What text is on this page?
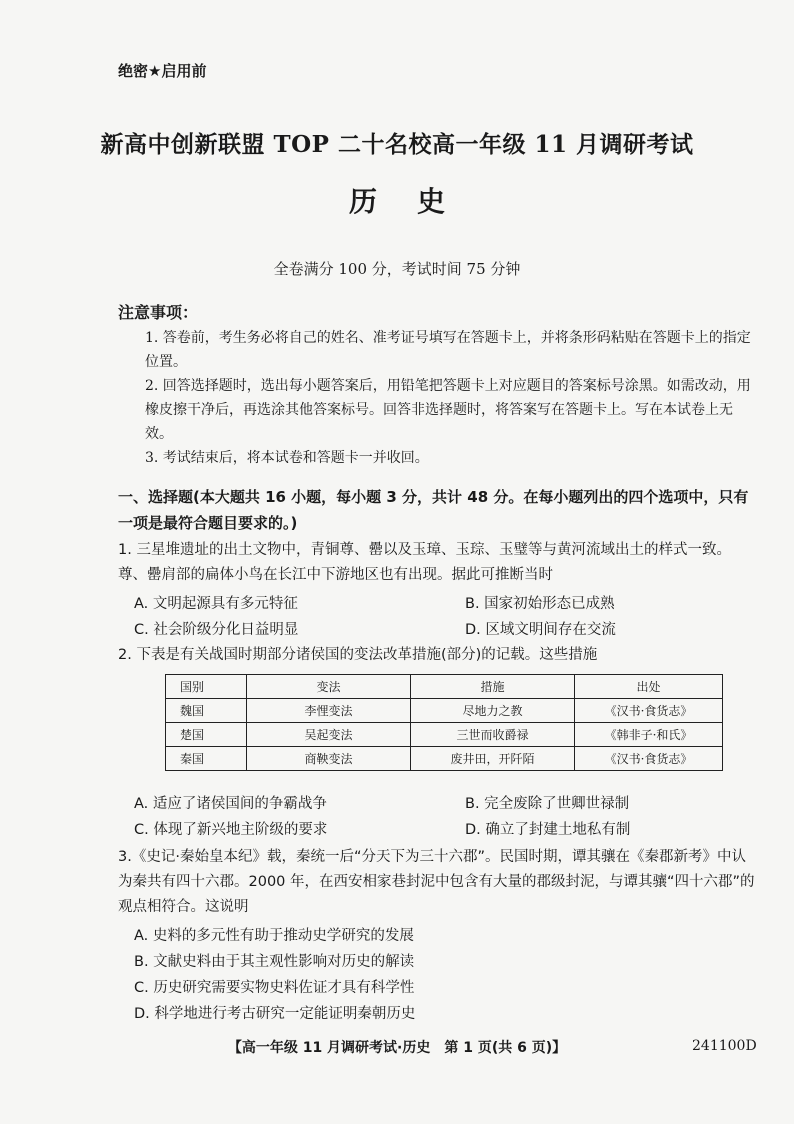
绝密★启用前
新高中创新联盟 TOP 二十名校高一年级 11 月调研考试
历史
全卷满分 100 分，考试时间 75 分钟
注意事项：
1. 答卷前，考生务必将自己的姓名、准考证号填写在答题卡上，并将条形码粘贴在答题卡上的指定位置。
2. 回答选择题时，选出每小题答案后，用铅笔把答题卡上对应题目的答案标号涂黑。如需改动，用橡皮擦干净后，再选涂其他答案标号。回答非选择题时，将答案写在答题卡上。写在本试卷上无效。
3. 考试结束后，将本试卷和答题卡一并收回。
一、选择题(本大题共 16 小题，每小题 3 分，共计 48 分。在每小题列出的四个选项中，只有一项是最符合题目要求的。)
1. 三星堆遗址的出土文物中，青铜尊、罍以及玉璋、玉琮、玉璧等与黄河流域出土的样式一致。尊、罍肩部的扁体小鸟在长江中下游地区也有出现。据此可推断当时
A. 文明起源具有多元特征	B. 国家初始形态已成熟
C. 社会阶级分化日益明显	D. 区域文明间存在交流
2. 下表是有关战国时期部分诸侯国的变法改革措施(部分)的记载。这些措施
国别	变法	措施	出处
魏国	李悝变法	尽地力之教	《汉书·食货志》
楚国	吴起变法	三世而收爵禄	《韩非子·和氏》
秦国	商鞅变法	废井田，开阡陌	《汉书·食货志》
A. 适应了诸侯国间的争霸战争	B. 完全废除了世卿世禄制
C. 体现了新兴地主阶级的要求	D. 确立了封建土地私有制
3.《史记·秦始皇本纪》载，秦统一后“分天下为三十六郡”。民国时期，谭其骧在《秦郡新考》中认为秦共有四十六郡。2000 年，在西安相家巷封泥中包含有大量的郡级封泥，与谭其骧“四十六郡”的观点相符合。这说明
A. 史料的多元性有助于推动史学研究的发展
B. 文献史料由于其主观性影响对历史的解读
C. 历史研究需要实物史料佐证才具有科学性
D. 科学地进行考古研究一定能证明秦朝历史
【高一年级 11 月调研考试·历史　第 1 页(共 6 页)】	241100D
